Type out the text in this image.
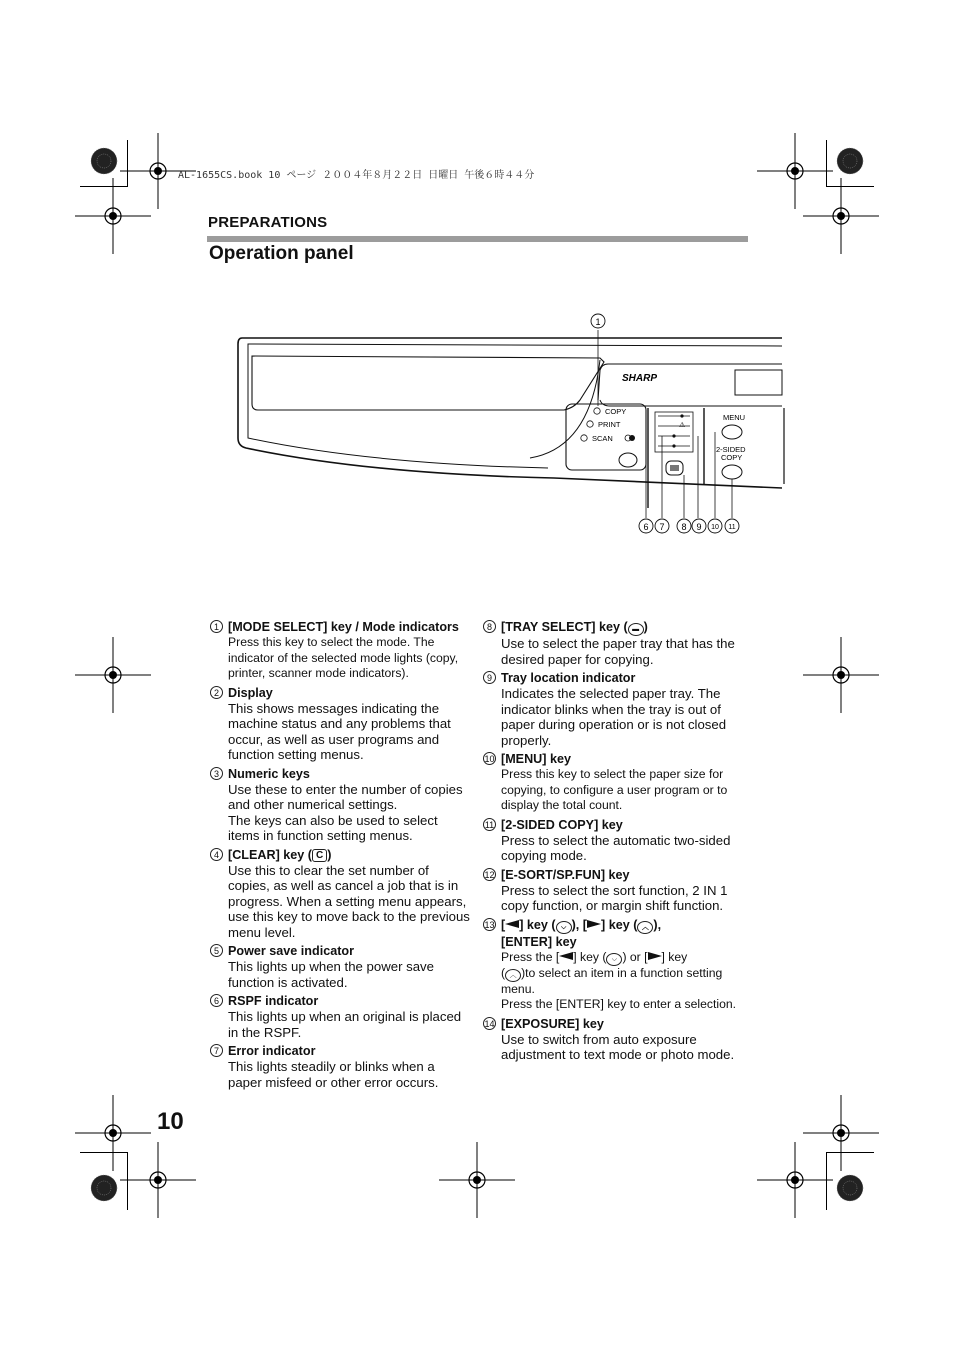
AL-1655CS.book 10 ページ ２００４年８月２２日 日曜日 午後６時４４分
PREPARATIONS
Operation panel
SHARP
COPY
PRINT
SCAN
⚠
MENU
2-SIDED
COPY
1
6 7 8 9 10 11
1 [MODE SELECT] key / Mode indicators
Press this key to select the mode. The indicator of the selected mode lights (copy, printer, scanner mode indicators).
2 Display
This shows messages indicating the machine status and any problems that occur, as well as user programs and function setting menus.
3 Numeric keys

Use these to enter the number of copies and other numerical settings.

The keys can also be used to select items in function setting menus.

4 [CLEAR] key ( C )
Use this to clear the set number of copies, as well as cancel a job that is in progress. When a setting menu appears, use this key to move back to the previous menu level.
5 Power save indicator
This lights up when the power save function is activated.
6 RSPF indicator
This lights up when an original is placed in the RSPF.
7 Error indicator
This lights steadily or blinks when a paper misfeed or other error occurs.
8 [TRAY SELECT] key ( ▬ )
Use to select the paper tray that has the desired paper for copying.
9 Tray location indicator
Indicates the selected paper tray. The indicator blinks when the tray is out of paper during operation or is not closed properly.
10 [MENU] key
Press this key to select the paper size for copying, to configure a user program or to display the total count.
11 [2-SIDED COPY] key
Press to select the automatic two-sided copying mode.
12 [E-SORT/SP.FUN] key
Press to select the sort function, 2 IN 1 copy function, or margin shift function.
13 [ ] key ( ⌵ ), [ ] key ( ︿ ),
[ENTER] key

Press the [ ] key ( ⌵ ) or [ ] key

( ︿ )to select an item in a function setting menu.

Press the [ENTER] key to enter a selection.

14 [EXPOSURE] key
Use to switch from auto exposure adjustment to text mode or photo mode.
10
